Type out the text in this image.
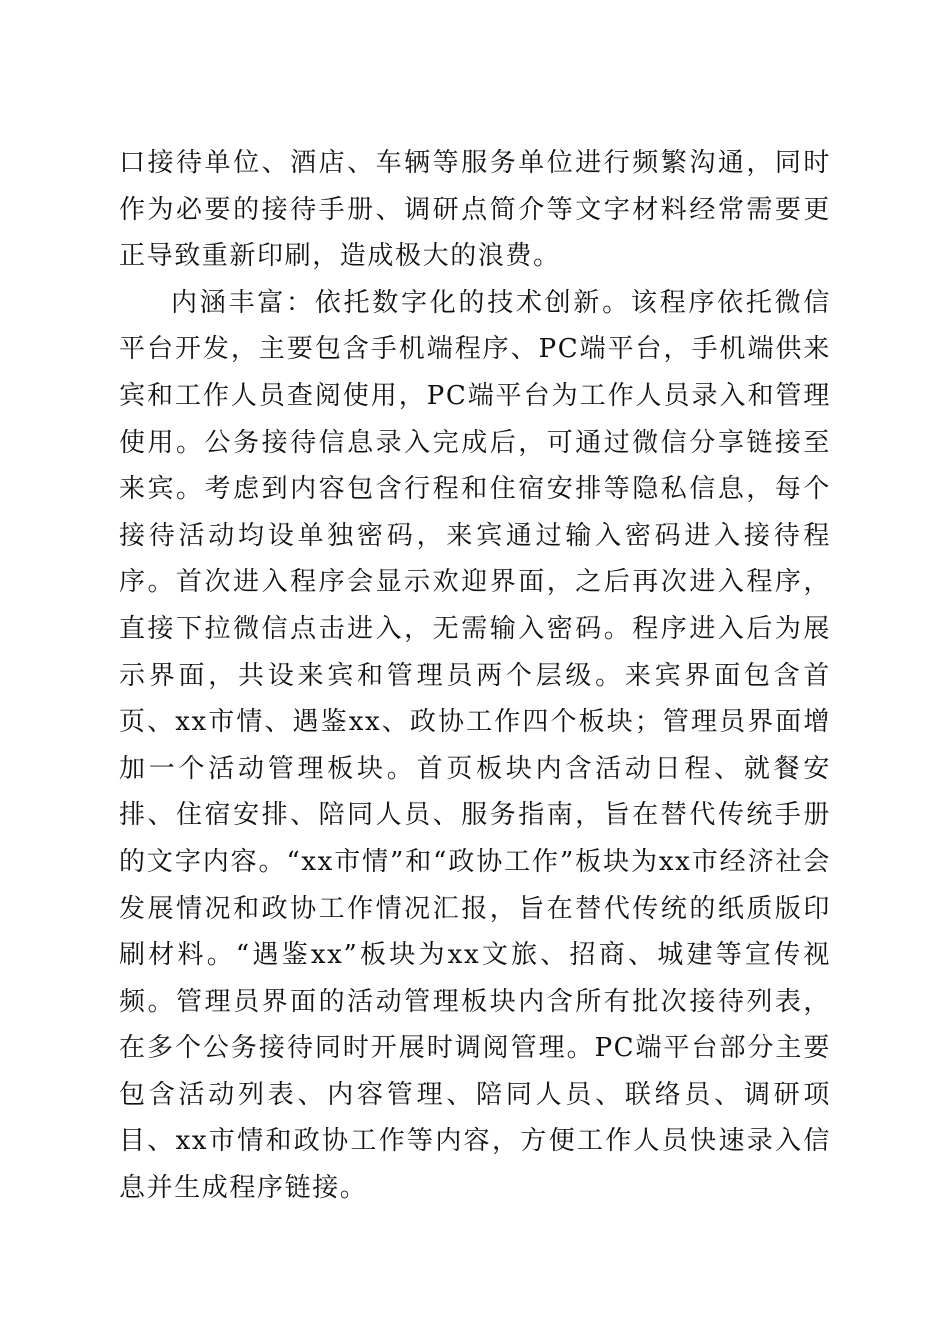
口接待单位、酒店、车辆等服务单位进行频繁沟通，同时作为必要的接待手册、调研点简介等文字材料经常需要更正导致重新印刷，造成极大的浪费。

内涵丰富：依托数字化的技术创新。该程序依托微信平台开发，主要包含手机端程序、PC端平台，手机端供来宾和工作人员查阅使用，PC端平台为工作人员录入和管理使用。公务接待信息录入完成后，可通过微信分享链接至来宾。考虑到内容包含行程和住宿安排等隐私信息，每个接待活动均设单独密码，来宾通过输入密码进入接待程序。首次进入程序会显示欢迎界面，之后再次进入程序，直接下拉微信点击进入，无需输入密码。程序进入后为展示界面，共设来宾和管理员两个层级。来宾界面包含首页、xx市情、遇鉴xx、政协工作四个板块；管理员界面增加一个活动管理板块。首页板块内含活动日程、就餐安排、住宿安排、陪同人员、服务指南，旨在替代传统手册的文字内容。“xx市情”和“政协工作”板块为xx市经济社会发展情况和政协工作情况汇报，旨在替代传统的纸质版印刷材料。“遇鉴xx”板块为xx文旅、招商、城建等宣传视频。管理员界面的活动管理板块内含所有批次接待列表，在多个公务接待同时开展时调阅管理。PC端平台部分主要包含活动列表、内容管理、陪同人员、联络员、调研项目、xx市情和政协工作等内容，方便工作人员快速录入信息并生成程序链接。
